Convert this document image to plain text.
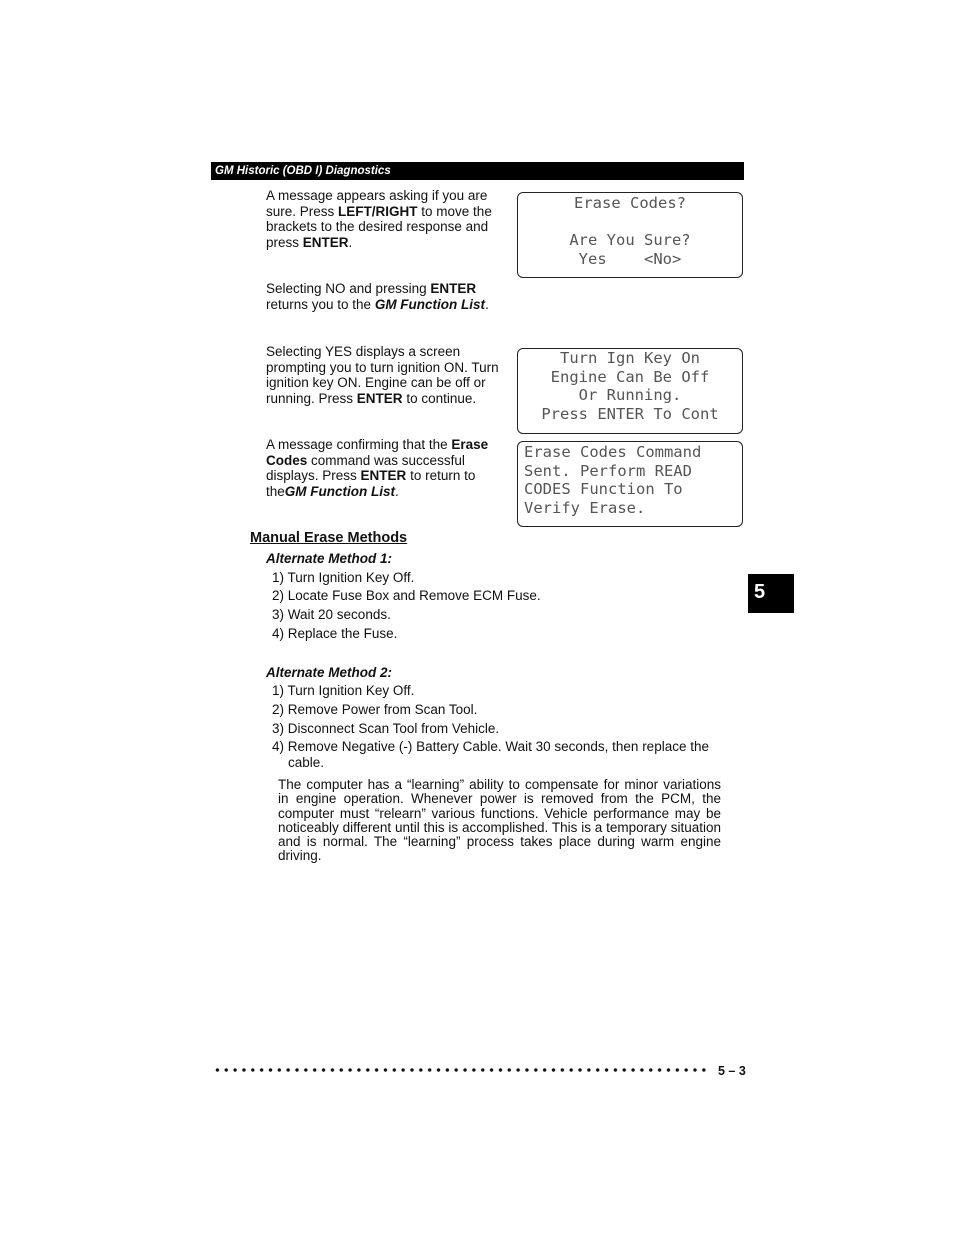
GM Historic (OBD I) Diagnostics
A message appears asking if you are sure. Press LEFT/RIGHT to move the brackets to the desired response and press ENTER.
Erase Codes?
Are You Sure?
Yes    <No>
Selecting NO and pressing ENTER returns you to the GM Function List.
Selecting YES displays a screen prompting you to turn ignition ON. Turn ignition key ON. Engine can be off or running. Press ENTER to continue.
Turn Ign Key On
Engine Can Be Off
Or Running.
Press ENTER To Cont
A message confirming that the Erase Codes command was successful displays. Press ENTER to return to theGM Function List.
Erase Codes Command
Sent. Perform READ
CODES Function To
Verify Erase.
Manual Erase Methods
Alternate Method 1:
1) Turn Ignition Key Off.
2) Locate Fuse Box and Remove ECM Fuse.
3) Wait 20 seconds.
4) Replace the Fuse.
Alternate Method 2:
1) Turn Ignition Key Off.
2) Remove Power from Scan Tool.
3) Disconnect Scan Tool from Vehicle.
4) Remove Negative (-) Battery Cable. Wait 30 seconds, then replace the
cable.
The computer has a “learning” ability to compensate for minor variations in engine operation. Whenever power is removed from the PCM, the computer must “relearn” various functions. Vehicle performance may be noticeably different until this is accomplished. This is a temporary situation and is normal. The “learning” process takes place during warm engine driving.
5
5 – 3
